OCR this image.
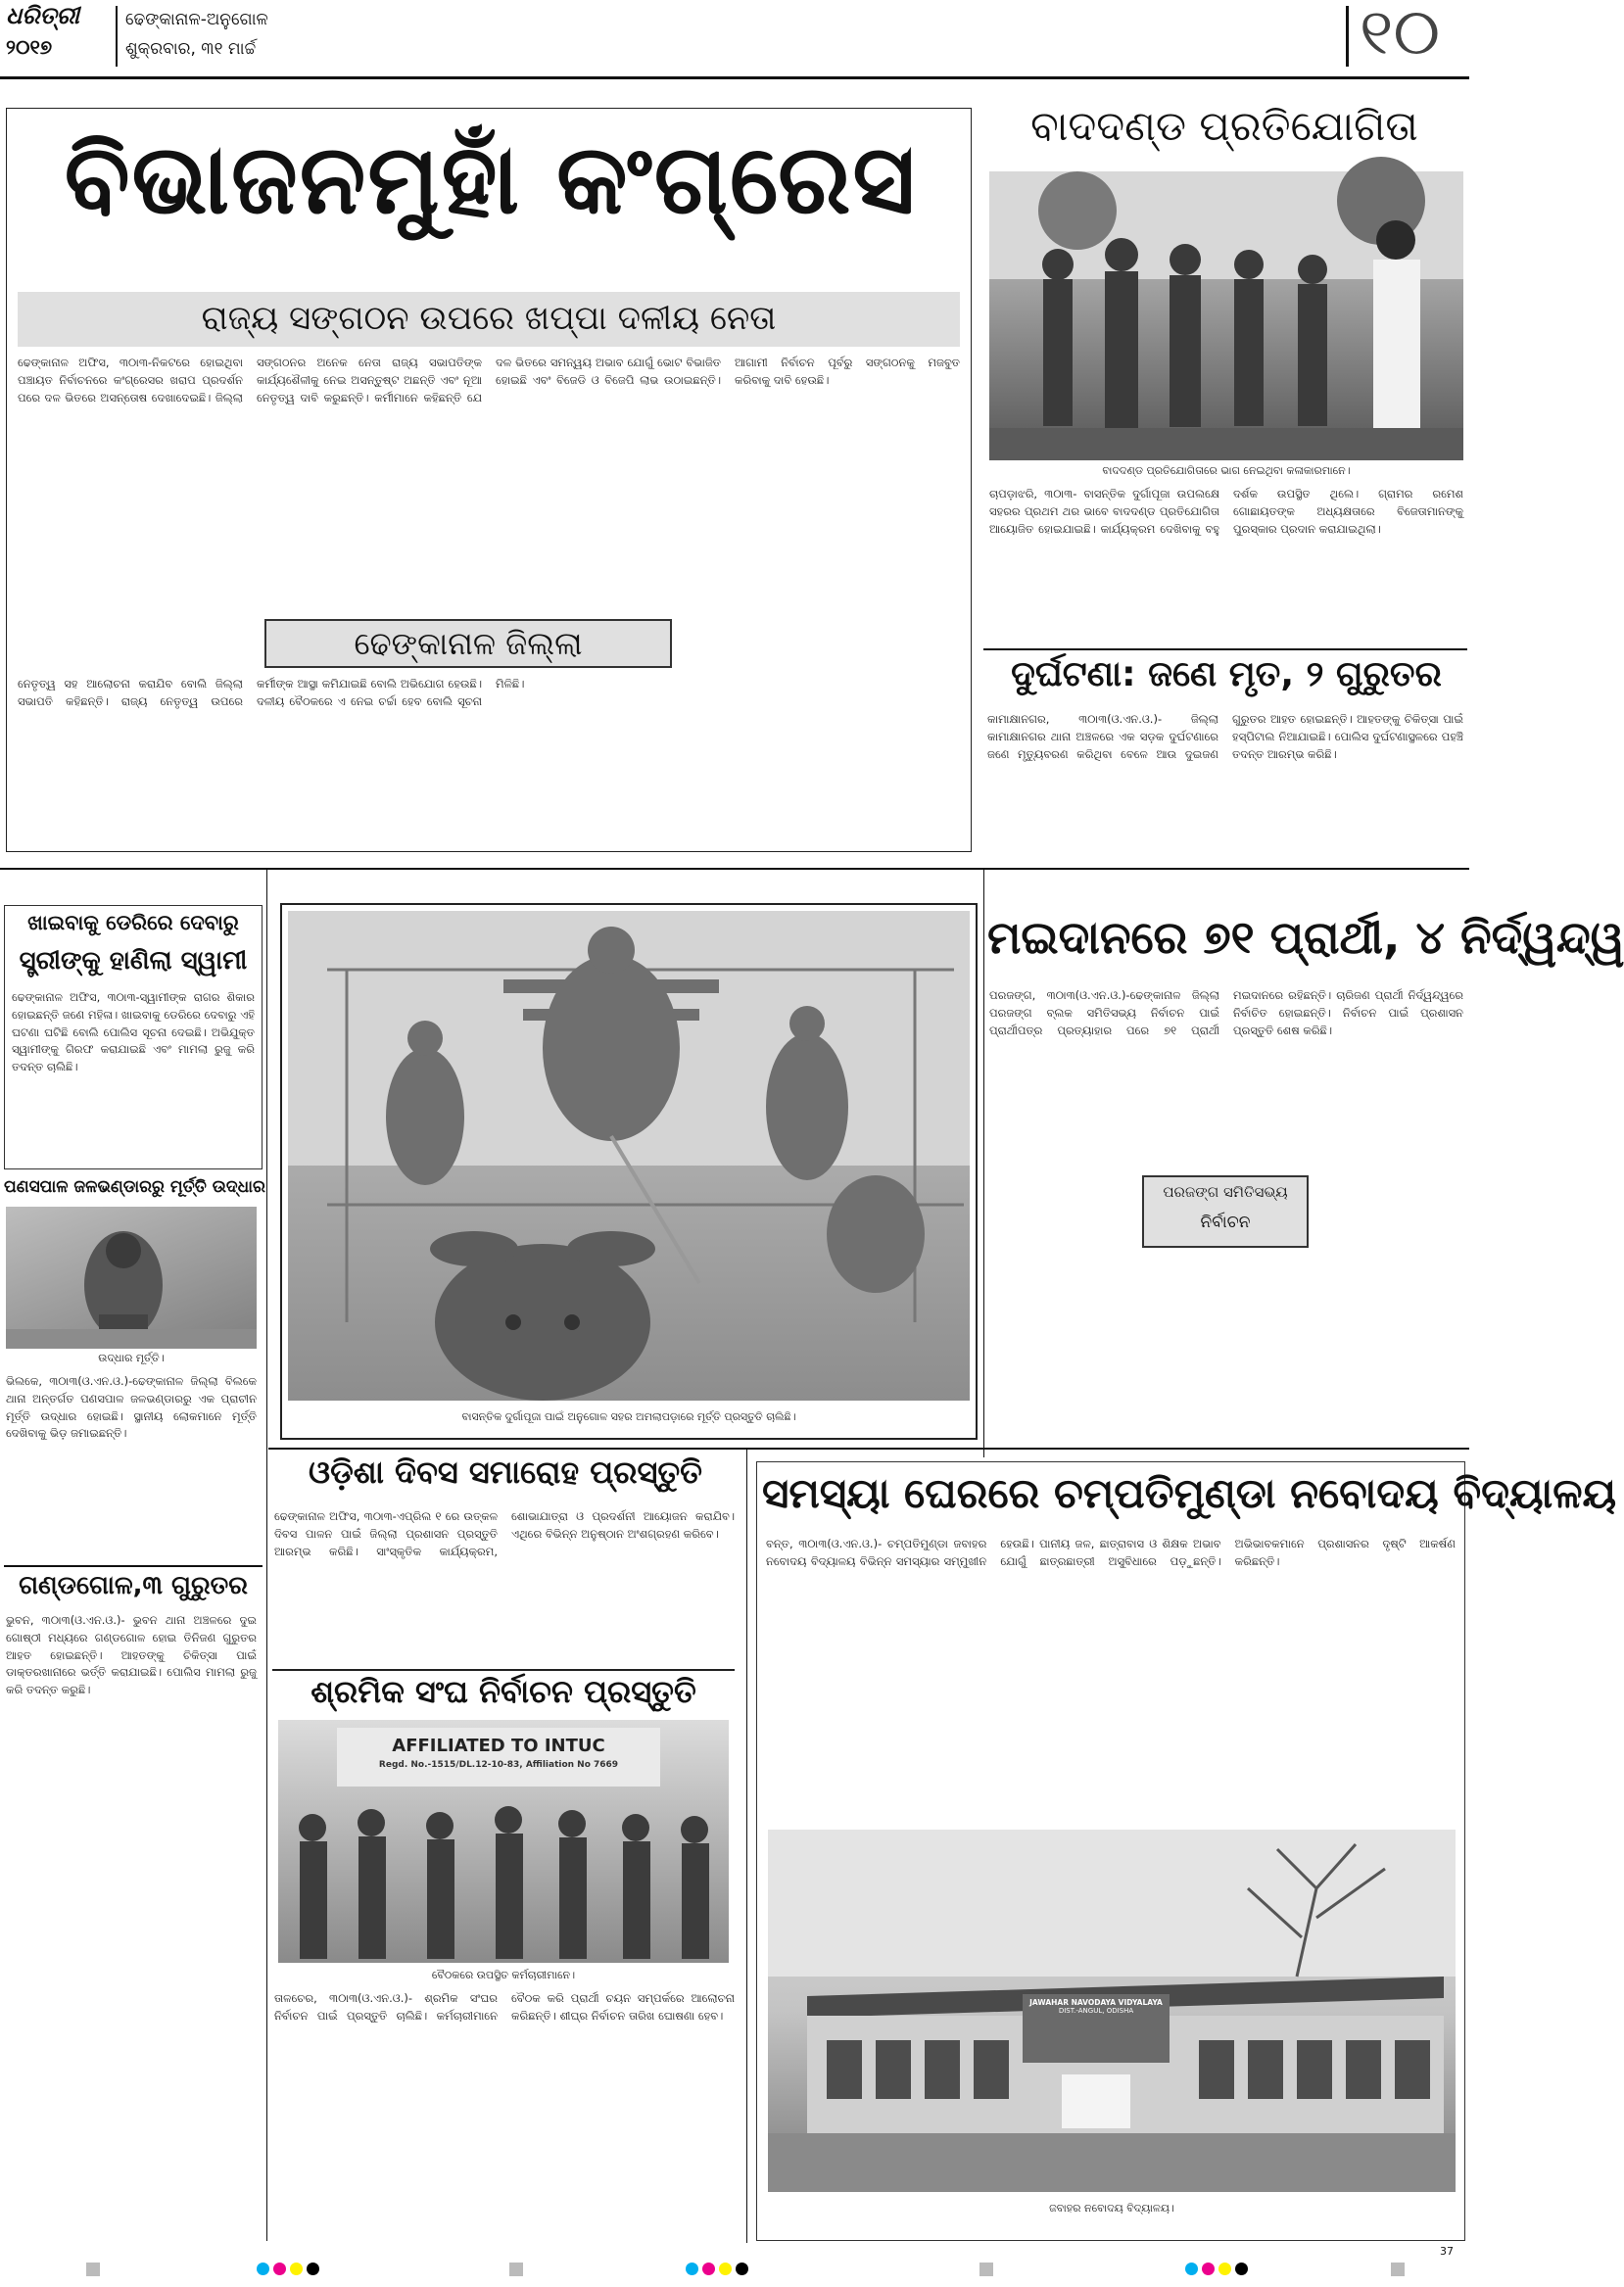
ଧରିତ୍ରୀ
୨୦୧୭
ଢେଙ୍କାନାଳ-ଅନୁଗୋଳ
ଶୁକ୍ରବାର, ୩୧ ମାର୍ଚ୍ଚ	୧୦
ବିଭାଜନମୁହାଁ କଂଗ୍ରେସ
ରାଜ୍ୟ ସଙ୍ଗଠନ ଉପରେ ଖପ୍ପା ଦଳୀୟ ନେତା
ଢେଙ୍କାନାଳ ଅଫିସ, ୩୦ା୩-ନିକଟରେ ହୋଇଥିବା ପଞ୍ଚାୟତ ନିର୍ବାଚନରେ କଂଗ୍ରେସର ଖରାପ ପ୍ରଦର୍ଶନ ପରେ ଦଳ ଭିତରେ ଅସନ୍ତୋଷ ଦେଖାଦେଇଛି। ଜିଲ୍ଲା ସଙ୍ଗଠନର ଅନେକ ନେତା ରାଜ୍ୟ ସଭାପତିଙ୍କ କାର୍ଯ୍ୟଶୈଳୀକୁ ନେଇ ଅସନ୍ତୁଷ୍ଟ ଅଛନ୍ତି ଏବଂ ନୂଆ ନେତୃତ୍ୱ ଦାବି କରୁଛନ୍ତି। କର୍ମୀମାନେ କହିଛନ୍ତି ଯେ ଦଳ ଭିତରେ ସମନ୍ୱୟ ଅଭାବ ଯୋଗୁଁ ଭୋଟ ବିଭାଜିତ ହୋଇଛି ଏବଂ ବିଜେଡି ଓ ବିଜେପି ଲାଭ ଉଠାଇଛନ୍ତି। ଆଗାମୀ ନିର୍ବାଚନ ପୂର୍ବରୁ ସଙ୍ଗଠନକୁ ମଜବୁତ କରିବାକୁ ଦାବି ହେଉଛି।
ଢେଙ୍କାନାଳ ଜିଲ୍ଲା
ନେତୃତ୍ୱ ସହ ଆଲୋଚନା କରାଯିବ ବୋଲି ଜିଲ୍ଲା ସଭାପତି କହିଛନ୍ତି। ରାଜ୍ୟ ନେତୃତ୍ୱ ଉପରେ କର୍ମୀଙ୍କ ଆସ୍ଥା କମିଯାଇଛି ବୋଲି ଅଭିଯୋଗ ହେଉଛି। ଦଳୀୟ ବୈଠକରେ ଏ ନେଇ ଚର୍ଚ୍ଚା ହେବ ବୋଲି ସୂଚନା ମିଳିଛି।
ବାଦଦଣ୍ଡ ପ୍ରତିଯୋଗିତା
ବାଦଦଣ୍ଡ ପ୍ରତିଯୋଗିତାରେ ଭାଗ ନେଇଥିବା କଳାକାରମାନେ।
ଚାପଡ଼ାଝରି, ୩୦ା୩- ବାସନ୍ତିକ ଦୁର୍ଗାପୂଜା ଉପଲକ୍ଷେ ସହରର ପ୍ରଥମ ଥର ଭାବେ ବାଦଦଣ୍ଡ ପ୍ରତିଯୋଗିତା ଆୟୋଜିତ ହୋଇଯାଇଛି। କାର୍ଯ୍ୟକ୍ରମ ଦେଖିବାକୁ ବହୁ ଦର୍ଶକ ଉପସ୍ଥିତ ଥିଲେ। ଗ୍ରାମର ରମେଶ ଗୋଛାୟତଙ୍କ ଅଧ୍ୟକ୍ଷତାରେ ବିଜେତାମାନଙ୍କୁ ପୁରସ୍କାର ପ୍ରଦାନ କରାଯାଇଥିଲା।
ଦୁର୍ଘଟଣା: ଜଣେ ମୃତ, ୨ ଗୁରୁତର
କାମାକ୍ଷାନଗର, ୩୦ା୩(ଓ.ଏନ.ଓ.)- ଜିଲ୍ଲା କାମାକ୍ଷାନଗର ଥାନା ଅଞ୍ଚଳରେ ଏକ ସଡ଼କ ଦୁର୍ଘଟଣାରେ ଜଣେ ମୃତ୍ୟୁବରଣ କରିଥିବା ବେଳେ ଆଉ ଦୁଇଜଣ ଗୁରୁତର ଆହତ ହୋଇଛନ୍ତି। ଆହତଙ୍କୁ ଚିକିତ୍ସା ପାଇଁ ହସ୍ପିଟାଲ ନିଆଯାଇଛି। ପୋଲିସ ଦୁର୍ଘଟଣାସ୍ଥଳରେ ପହଞ୍ଚି ତଦନ୍ତ ଆରମ୍ଭ କରିଛି।
ଖାଇବାକୁ ଡେରିରେ ଦେବାରୁ
ସ୍ତ୍ରୀଙ୍କୁ ହାଣିଲା ସ୍ୱାମୀ
ଢେଙ୍କାନାଳ ଅଫିସ, ୩୦ା୩-ସ୍ୱାମୀଙ୍କ ରାଗର ଶିକାର ହୋଇଛନ୍ତି ଜଣେ ମହିଳା। ଖାଇବାକୁ ଡେରିରେ ଦେବାରୁ ଏହି ଘଟଣା ଘଟିଛି ବୋଲି ପୋଲିସ ସୂଚନା ଦେଇଛି। ଅଭିଯୁକ୍ତ ସ୍ୱାମୀଙ୍କୁ ଗିରଫ କରାଯାଇଛି ଏବଂ ମାମଲା ରୁଜୁ କରି ତଦନ୍ତ ଚାଲିଛି।
ପଣସପାଳ ଜଳଭଣ୍ଡାରରୁ ମୂର୍ତ୍ତି ଉଦ୍ଧାର
ଉଦ୍ଧାର ମୂର୍ତ୍ତି।
ଭିଲକେ, ୩୦ା୩(ଓ.ଏନ.ଓ.)-ଢେଙ୍କାନାଳ ଜିଲ୍ଲା ବିଲକେ ଥାନା ଅନ୍ତର୍ଗତ ପଣସପାଳ ଜଳଭଣ୍ଡାରରୁ ଏକ ପ୍ରାଚୀନ ମୂର୍ତ୍ତି ଉଦ୍ଧାର ହୋଇଛି। ସ୍ଥାନୀୟ ଲୋକମାନେ ମୂର୍ତ୍ତି ଦେଖିବାକୁ ଭିଡ଼ ଜମାଇଛନ୍ତି।
ଗଣ୍ଡଗୋଳ,୩ ଗୁରୁତର
ଭୁବନ, ୩୦ା୩(ଓ.ଏନ.ଓ.)- ଭୁବନ ଥାନା ଅଞ୍ଚଳରେ ଦୁଇ ଗୋଷ୍ଠୀ ମଧ୍ୟରେ ଗଣ୍ଡଗୋଳ ହୋଇ ତିନିଜଣ ଗୁରୁତର ଆହତ ହୋଇଛନ୍ତି। ଆହତଙ୍କୁ ଚିକିତ୍ସା ପାଇଁ ଡାକ୍ତରଖାନାରେ ଭର୍ତ୍ତି କରାଯାଇଛି। ପୋଲିସ ମାମଲା ରୁଜୁ କରି ତଦନ୍ତ କରୁଛି।
ବାସନ୍ତିକ ଦୁର୍ଗାପୂଜା ପାଇଁ ଅନୁଗୋଳ ସହର ଅମଲାପଡ଼ାରେ ମୂର୍ତ୍ତି ପ୍ରସ୍ତୁତି ଚାଲିଛି।
ମଇଦାନରେ ୭୧ ପ୍ରାର୍ଥୀ, ୪ ନିର୍ଦ୍ୱନ୍ଦ୍ୱ
ପରଜଙ୍ଗ, ୩୦ା୩(ଓ.ଏନ.ଓ.)-ଢେଙ୍କାନାଳ ଜିଲ୍ଲା ପରଜଙ୍ଗ ବ୍ଲକ ସମିତିସଭ୍ୟ ନିର୍ବାଚନ ପାଇଁ ପ୍ରାର୍ଥୀପତ୍ର ପ୍ରତ୍ୟାହାର ପରେ ୭୧ ପ୍ରାର୍ଥୀ ମଇଦାନରେ ରହିଛନ୍ତି। ଚାରିଜଣ ପ୍ରାର୍ଥୀ ନିର୍ଦ୍ୱନ୍ଦ୍ୱରେ ନିର୍ବାଚିତ ହୋଇଛନ୍ତି। ନିର୍ବାଚନ ପାଇଁ ପ୍ରଶାସନ ପ୍ରସ୍ତୁତି ଶେଷ କରିଛି।
ପରଜଙ୍ଗ ସମିତିସଭ୍ୟ
ନିର୍ବାଚନ
ଓଡ଼ିଶା ଦିବସ ସମାରୋହ ପ୍ରସ୍ତୁତି
ଢେଙ୍କାନାଳ ଅଫିସ, ୩୦ା୩-ଏପ୍ରିଲ ୧ ରେ ଉତ୍କଳ ଦିବସ ପାଳନ ପାଇଁ ଜିଲ୍ଲା ପ୍ରଶାସନ ପ୍ରସ୍ତୁତି ଆରମ୍ଭ କରିଛି। ସାଂସ୍କୃତିକ କାର୍ଯ୍ୟକ୍ରମ, ଶୋଭାଯାତ୍ରା ଓ ପ୍ରଦର୍ଶନୀ ଆୟୋଜନ କରାଯିବ। ଏଥିରେ ବିଭିନ୍ନ ଅନୁଷ୍ଠାନ ଅଂଶଗ୍ରହଣ କରିବେ।
ଶ୍ରମିକ ସଂଘ ନିର୍ବାଚନ ପ୍ରସ୍ତୁତି
AFFILIATED TO INTUC
Regd. No.-1515/DL.12-10-83, Affiliation No 7669
ବୈଠକରେ ଉପସ୍ଥିତ କର୍ମଚାରୀମାନେ।
ତାଳଚେର, ୩୦ା୩(ଓ.ଏନ.ଓ.)- ଶ୍ରମିକ ସଂଘର ନିର୍ବାଚନ ପାଇଁ ପ୍ରସ୍ତୁତି ଚାଲିଛି। କର୍ମଚାରୀମାନେ ବୈଠକ କରି ପ୍ରାର୍ଥୀ ଚୟନ ସମ୍ପର୍କରେ ଆଲୋଚନା କରିଛନ୍ତି। ଶୀଘ୍ର ନିର୍ବାଚନ ତାରିଖ ଘୋଷଣା ହେବ।
ସମସ୍ୟା ଘେରରେ ଚମ୍ପତିମୁଣ୍ଡା ନବୋଦୟ ବିଦ୍ୟାଳୟ
ବନ୍ତ, ୩୦ା୩(ଓ.ଏନ.ଓ.)- ଚମ୍ପତିମୁଣ୍ଡା ଜବାହର ନବୋଦୟ ବିଦ୍ୟାଳୟ ବିଭିନ୍ନ ସମସ୍ୟାର ସମ୍ମୁଖୀନ ହେଉଛି। ପାନୀୟ ଜଳ, ଛାତ୍ରାବାସ ଓ ଶିକ୍ଷକ ଅଭାବ ଯୋଗୁଁ ଛାତ୍ରଛାତ୍ରୀ ଅସୁବିଧାରେ ପଡ଼ୁଛନ୍ତି। ଅଭିଭାବକମାନେ ପ୍ରଶାସନର ଦୃଷ୍ଟି ଆକର୍ଷଣ କରିଛନ୍ତି।
JAWAHAR NAVODAYA VIDYALAYA
DIST.-ANGUL, ODISHA
ଜବାହର ନବୋଦୟ ବିଦ୍ୟାଳୟ।
37
